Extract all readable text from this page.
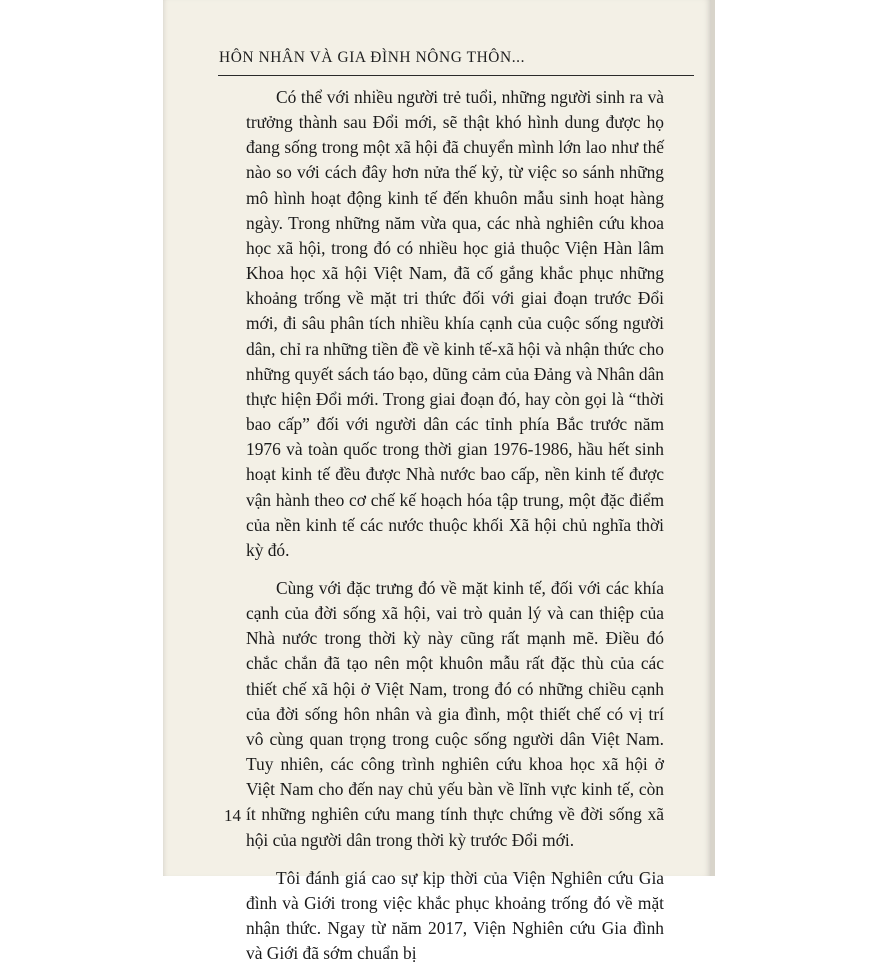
HÔN NHÂN VÀ GIA ĐÌNH NÔNG THÔN...

Có thể với nhiều người trẻ tuổi, những người sinh ra và trưởng thành sau Đổi mới, sẽ thật khó hình dung được họ đang sống trong một xã hội đã chuyển mình lớn lao như thế nào so với cách đây hơn nửa thế kỷ, từ việc so sánh những mô hình hoạt động kinh tế đến khuôn mẫu sinh hoạt hàng ngày. Trong những năm vừa qua, các nhà nghiên cứu khoa học xã hội, trong đó có nhiều học giả thuộc Viện Hàn lâm Khoa học xã hội Việt Nam, đã cố gắng khắc phục những khoảng trống về mặt tri thức đối với giai đoạn trước Đổi mới, đi sâu phân tích nhiều khía cạnh của cuộc sống người dân, chỉ ra những tiền đề về kinh tế-xã hội và nhận thức cho những quyết sách táo bạo, dũng cảm của Đảng và Nhân dân thực hiện Đổi mới. Trong giai đoạn đó, hay còn gọi là “thời bao cấp” đối với người dân các tỉnh phía Bắc trước năm 1976 và toàn quốc trong thời gian 1976-1986, hầu hết sinh hoạt kinh tế đều được Nhà nước bao cấp, nền kinh tế được vận hành theo cơ chế kế hoạch hóa tập trung, một đặc điểm của nền kinh tế các nước thuộc khối Xã hội chủ nghĩa thời kỳ đó.

Cùng với đặc trưng đó về mặt kinh tế, đối với các khía cạnh của đời sống xã hội, vai trò quản lý và can thiệp của Nhà nước trong thời kỳ này cũng rất mạnh mẽ. Điều đó chắc chắn đã tạo nên một khuôn mẫu rất đặc thù của các thiết chế xã hội ở Việt Nam, trong đó có những chiều cạnh của đời sống hôn nhân và gia đình, một thiết chế có vị trí vô cùng quan trọng trong cuộc sống người dân Việt Nam. Tuy nhiên, các công trình nghiên cứu khoa học xã hội ở Việt Nam cho đến nay chủ yếu bàn về lĩnh vực kinh tế, còn ít những nghiên cứu mang tính thực chứng về đời sống xã hội của người dân trong thời kỳ trước Đổi mới.

Tôi đánh giá cao sự kịp thời của Viện Nghiên cứu Gia đình và Giới trong việc khắc phục khoảng trống đó về mặt nhận thức. Ngay từ năm 2017, Viện Nghiên cứu Gia đình và Giới đã sớm chuẩn bị

14
